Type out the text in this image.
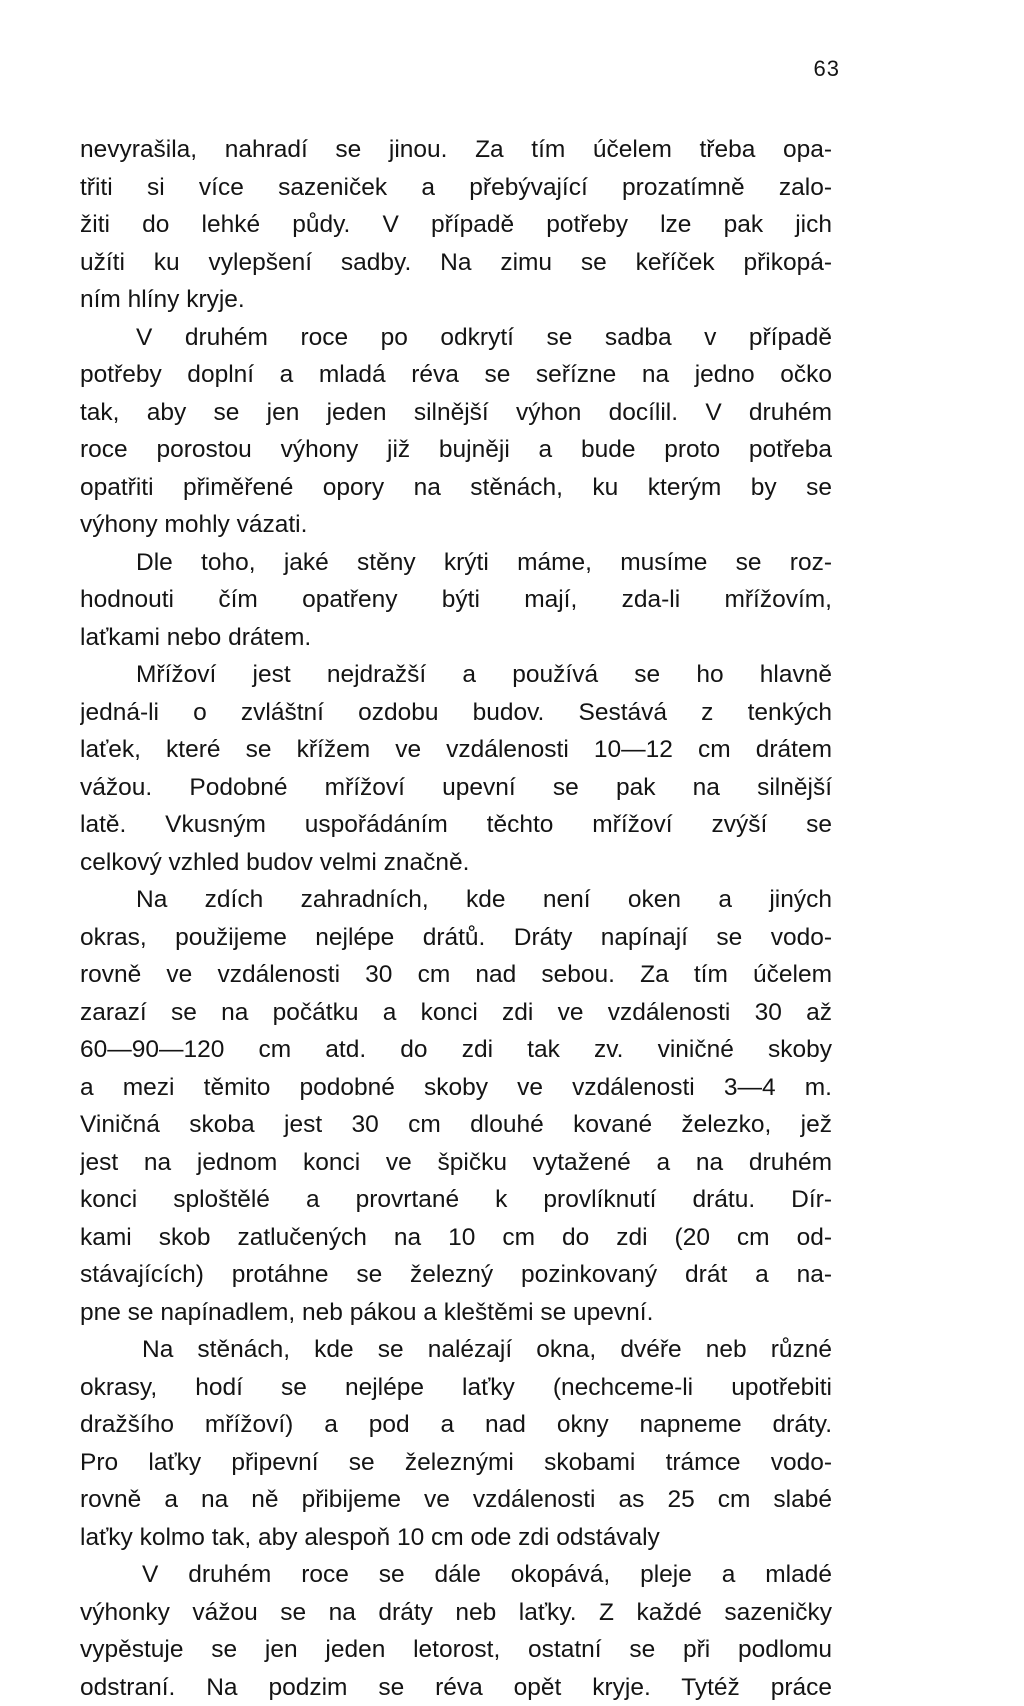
63
nevyrašila, nahradí se jinou. Za tím účelem třeba opa-
třiti si více sazeniček a přebývající prozatímně zalo-
žiti do lehké půdy. V případě potřeby lze pak jich
užíti ku vylepšení sadby. Na zimu se keříček přikopá-
ním hlíny kryje.
V druhém roce po odkrytí se sadba v případě
potřeby doplní a mladá réva se seřízne na jedno očko
tak, aby se jen jeden silnější výhon docílil. V druhém
roce porostou výhony již bujněji a bude proto potřeba
opatřiti přiměřené opory na stěnách, ku kterým by se
výhony mohly vázati.
Dle toho, jaké stěny krýti máme, musíme se roz-
hodnouti čím opatřeny býti mají, zda-li mřížovím,
laťkami nebo drátem.
Mřížoví jest nejdražší a používá se ho hlavně
jedná-li o zvláštní ozdobu budov. Sestává z tenkých
laťek, které se křížem ve vzdálenosti 10—12 cm drátem
vážou. Podobné mřížoví upevní se pak na silnější
latě. Vkusným uspořádáním těchto mřížoví zvýší se
celkový vzhled budov velmi značně.
Na zdích zahradních, kde není oken a jiných
okras, použijeme nejlépe drátů. Dráty napínají se vodo-
rovně ve vzdálenosti 30 cm nad sebou. Za tím účelem
zarazí se na počátku a konci zdi ve vzdálenosti 30 až
60—90—120 cm atd. do zdi tak zv. viničné skoby
a mezi těmito podobné skoby ve vzdálenosti 3—4 m.
Viničná skoba jest 30 cm dlouhé kované železko, jež
jest na jednom konci ve špičku vytažené a na druhém
konci sploštělé a provrtané k provlíknutí drátu. Dír-
kami skob zatlučených na 10 cm do zdi (20 cm od-
stávajících) protáhne se železný pozinkovaný drát a na-
pne se napínadlem, neb pákou a kleštěmi se upevní.
Na stěnách, kde se nalézají okna, dvéře neb různé
okrasy, hodí se nejlépe laťky (nechceme-li upotřebiti
dražšího mřížoví) a pod a nad okny napneme dráty.
Pro laťky připevní se železnými skobami trámce vodo-
rovně a na ně přibijeme ve vzdálenosti as 25 cm slabé
laťky kolmo tak, aby alespoň 10 cm ode zdi odstávaly
V druhém roce se dále okopává, pleje a mladé
výhonky vážou se na dráty neb laťky. Z každé sazeničky
vypěstuje se jen jeden letorost, ostatní se při podlomu
odstraní. Na podzim se réva opět kryje. Tytéž práce
